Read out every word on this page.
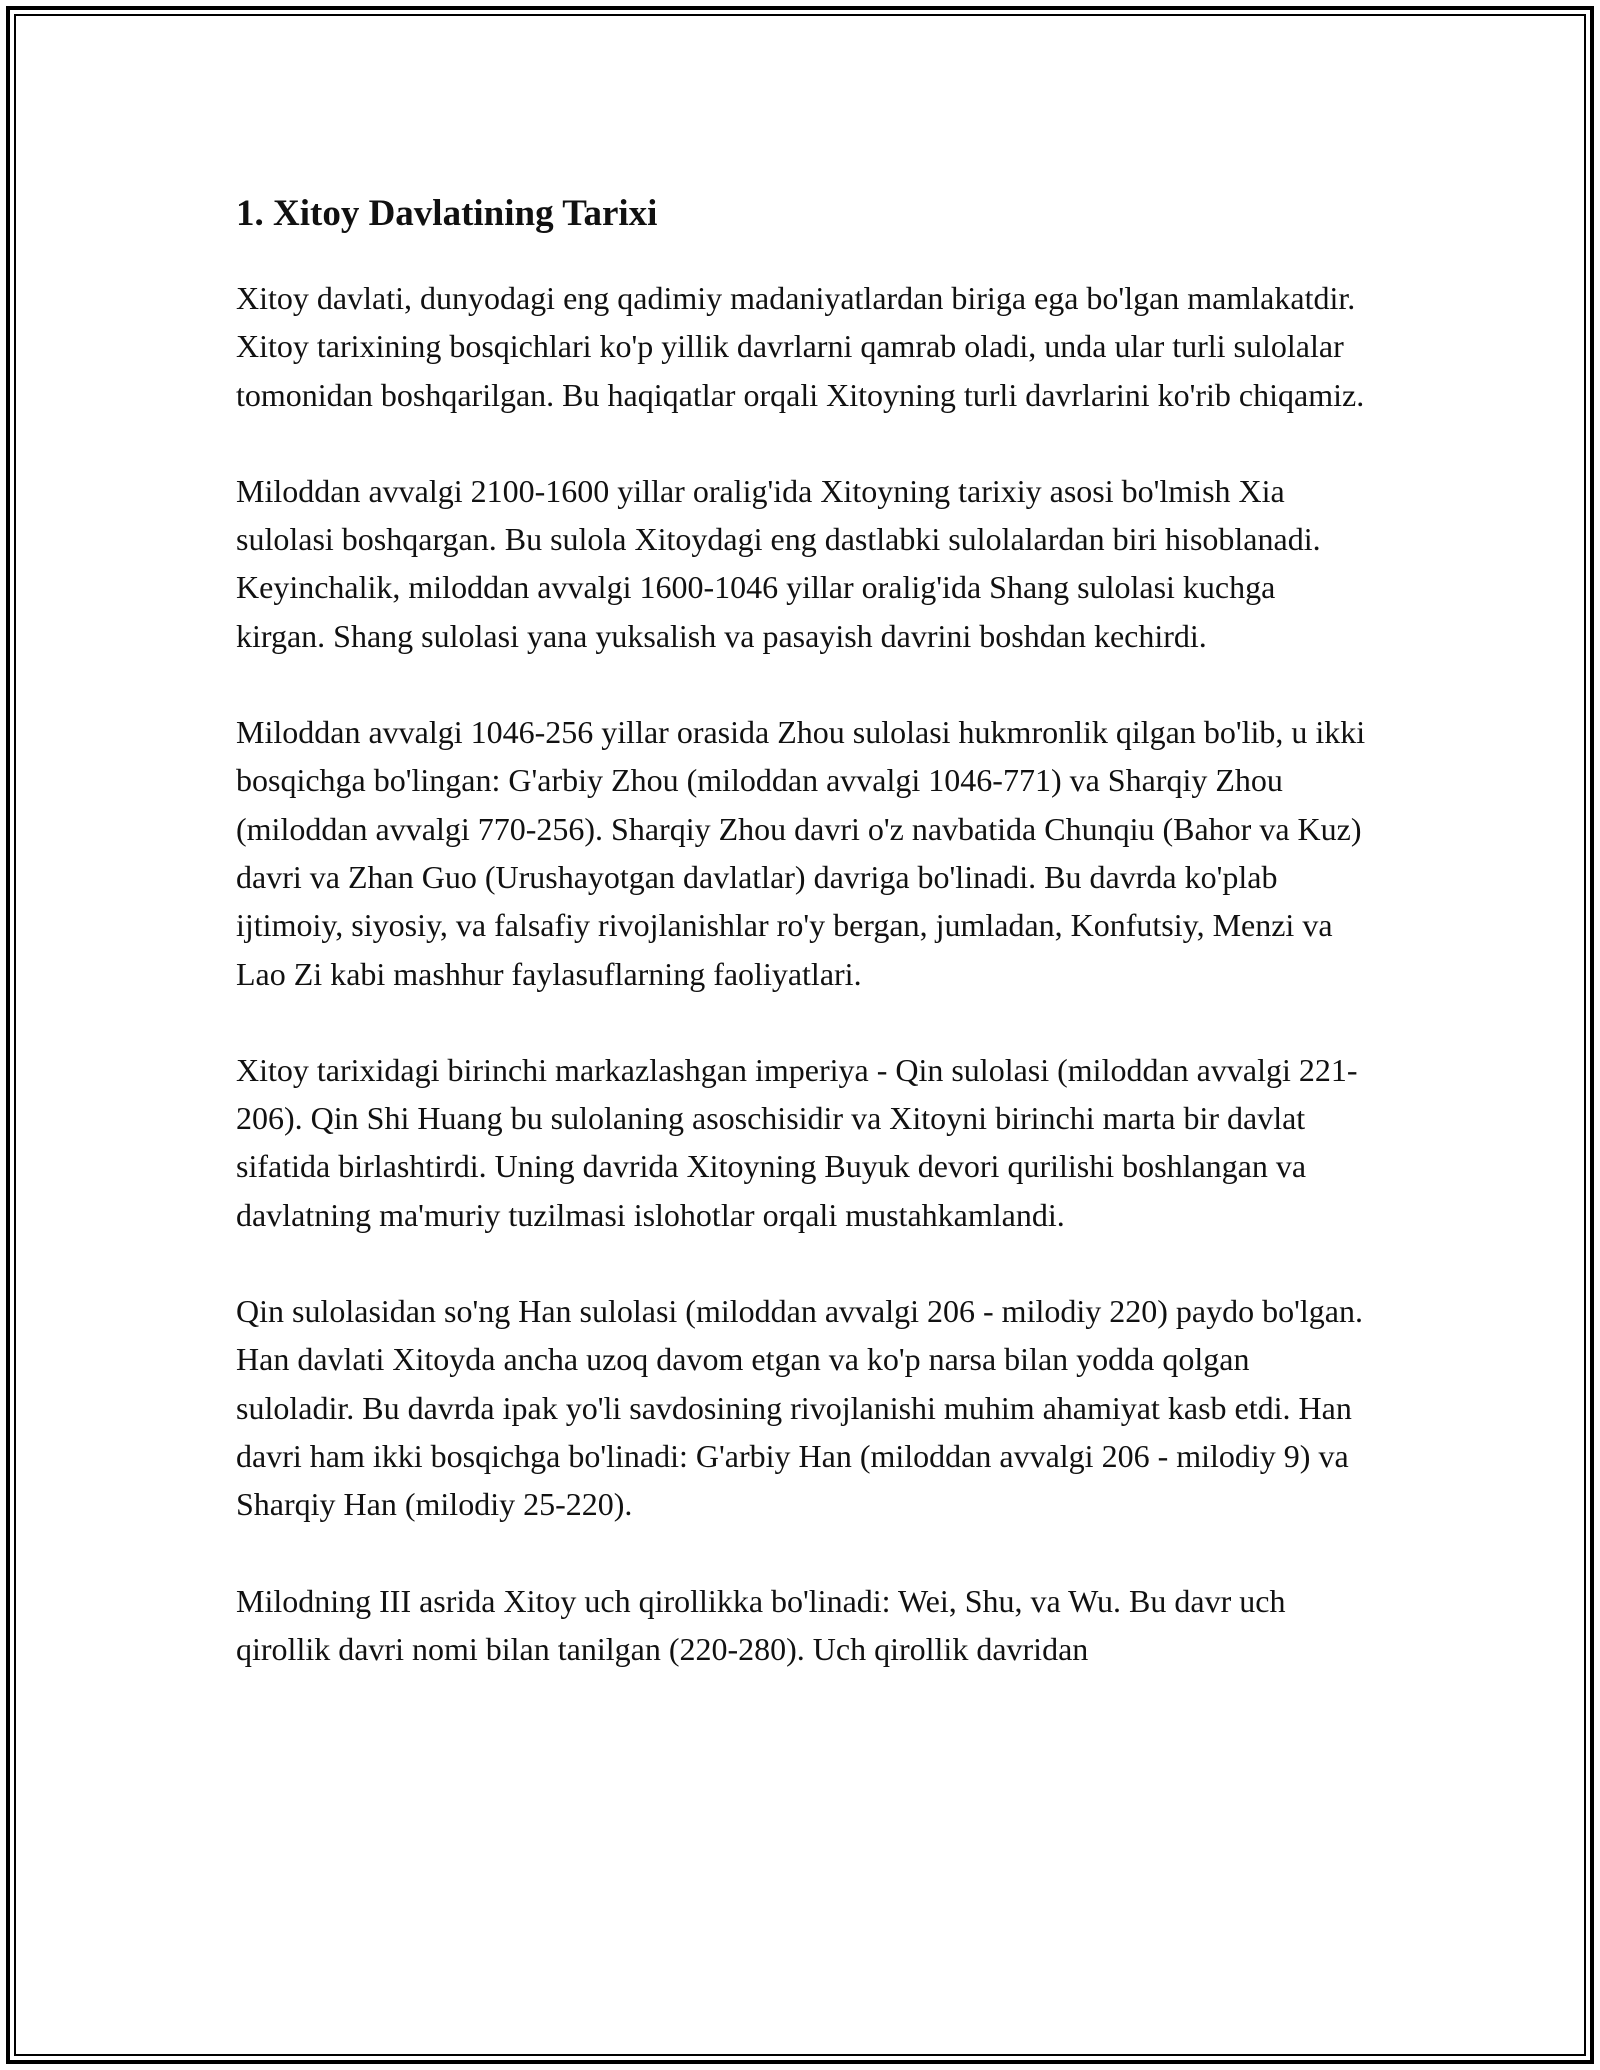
1. Xitoy Davlatining Tarixi

Xitoy davlati, dunyodagi eng qadimiy madaniyatlardan biriga ega bo'lgan mamlakatdir. Xitoy tarixining bosqichlari ko'p yillik davrlarni qamrab oladi, unda ular turli sulolalar tomonidan boshqarilgan. Bu haqiqatlar orqali Xitoyning turli davrlarini ko'rib chiqamiz.

Miloddan avvalgi 2100-1600 yillar oralig'ida Xitoyning tarixiy asosi bo'lmish Xia sulolasi boshqargan. Bu sulola Xitoydagi eng dastlabki sulolalardan biri hisoblanadi. Keyinchalik, miloddan avvalgi 1600-1046 yillar oralig'ida Shang sulolasi kuchga kirgan. Shang sulolasi yana yuksalish va pasayish davrini boshdan kechirdi.

Miloddan avvalgi 1046-256 yillar orasida Zhou sulolasi hukmronlik qilgan bo'lib, u ikki bosqichga bo'lingan: G'arbiy Zhou (miloddan avvalgi 1046-771) va Sharqiy Zhou (miloddan avvalgi 770-256). Sharqiy Zhou davri o'z navbatida Chunqiu (Bahor va Kuz) davri va Zhan Guo (Urushayotgan davlatlar) davriga bo'linadi. Bu davrda ko'plab ijtimoiy, siyosiy, va falsafiy rivojlanishlar ro'y bergan, jumladan, Konfutsiy, Menzi va Lao Zi kabi mashhur faylasuflarning faoliyatlari.

Xitoy tarixidagi birinchi markazlashgan imperiya - Qin sulolasi (miloddan avvalgi 221-206). Qin Shi Huang bu sulolaning asoschisidir va Xitoyni birinchi marta bir davlat sifatida birlashtirdi. Uning davrida Xitoyning Buyuk devori qurilishi boshlangan va davlatning ma'muriy tuzilmasi islohotlar orqali mustahkamlandi.

Qin sulolasidan so'ng Han sulolasi (miloddan avvalgi 206 - milodiy 220) paydo bo'lgan. Han davlati Xitoyda ancha uzoq davom etgan va ko'p narsa bilan yodda qolgan suloladir. Bu davrda ipak yo'li savdosining rivojlanishi muhim ahamiyat kasb etdi. Han davri ham ikki bosqichga bo'linadi: G'arbiy Han (miloddan avvalgi 206 - milodiy 9) va Sharqiy Han (milodiy 25-220).

Milodning III asrida Xitoy uch qirollikka bo'linadi: Wei, Shu, va Wu. Bu davr uch qirollik davri nomi bilan tanilgan (220-280). Uch qirollik davridan
